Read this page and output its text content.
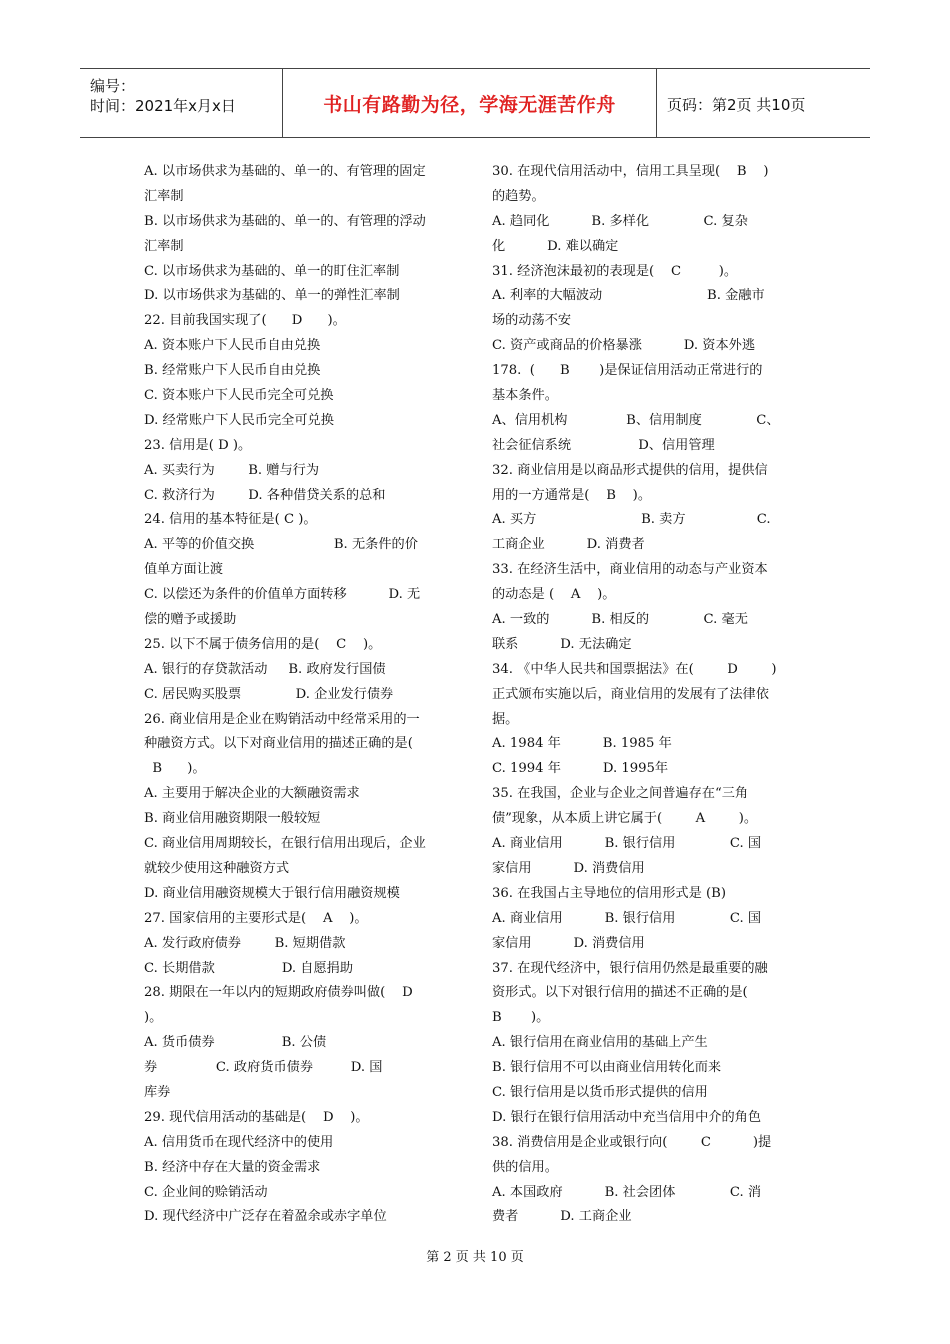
编号：
时间：2021年x月x日	书山有路勤为径，学海无涯苦作舟	页码：第2页 共10页
A. 以市场供求为基础的、单一的、有管理的固定
汇率制
B. 以市场供求为基础的、单一的、有管理的浮动
汇率制
C. 以市场供求为基础的、单一的盯住汇率制
D. 以市场供求为基础的、单一的弹性汇率制
22. 目前我国实现了(      D      )。
A. 资本账户下人民币自由兑换
B. 经常账户下人民币自由兑换
C. 资本账户下人民币完全可兑换
D. 经常账户下人民币完全可兑换
23. 信用是( D )。
A. 买卖行为        B. 赠与行为
C. 救济行为        D. 各种借贷关系的总和
24. 信用的基本特征是( C )。
A. 平等的价值交换                   B. 无条件的价
值单方面让渡
C. 以偿还为条件的价值单方面转移          D. 无
偿的赠予或援助
25. 以下不属于债务信用的是(    C    )。
A. 银行的存贷款活动     B. 政府发行国债
C. 居民购买股票             D. 企业发行债券
26. 商业信用是企业在购销活动中经常采用的一
种融资方式。以下对商业信用的描述正确的是(
B      )。
A. 主要用于解决企业的大额融资需求
B. 商业信用融资期限一般较短
C. 商业信用周期较长，在银行信用出现后，企业
就较少使用这种融资方式
D. 商业信用融资规模大于银行信用融资规模
27. 国家信用的主要形式是(    A    )。
A. 发行政府债券        B. 短期借款
C. 长期借款                D. 自愿捐助
28. 期限在一年以内的短期政府债券叫做(    D
)。
A. 货币债券                B. 公债
券              C. 政府货币债券         D. 国
库券
29. 现代信用活动的基础是(    D    )。
A. 信用货币在现代经济中的使用
B. 经济中存在大量的资金需求
C. 企业间的赊销活动
D. 现代经济中广泛存在着盈余或赤字单位
30. 在现代信用活动中，信用工具呈现(    B    )
的趋势。
A. 趋同化          B. 多样化             C. 复杂
化          D. 难以确定
31. 经济泡沫最初的表现是(    C         )。
A. 利率的大幅波动                         B. 金融市
场的动荡不安
C. 资产或商品的价格暴涨          D. 资本外逃
178.  (      B       )是保证信用活动正常进行的
基本条件。
A、信用机构              B、信用制度             C、
社会征信系统                D、信用管理
32. 商业信用是以商品形式提供的信用，提供信
用的一方通常是(    B    )。
A. 买方                         B. 卖方                 C.
工商企业          D. 消费者
33. 在经济生活中，商业信用的动态与产业资本
的动态是 (    A    )。
A. 一致的          B. 相反的             C. 毫无
联系          D. 无法确定
34. 《中华人民共和国票据法》在(        D        )
正式颁布实施以后，商业信用的发展有了法律依
据。
A. 1984 年          B. 1985 年
C. 1994 年          D. 1995年
35. 在我国，企业与企业之间普遍存在“三角
债”现象，从本质上讲它属于(        A        )。
A. 商业信用          B. 银行信用             C. 国
家信用          D. 消费信用
36. 在我国占主导地位的信用形式是 (B)
A. 商业信用          B. 银行信用             C. 国
家信用          D. 消费信用
37. 在现代经济中，银行信用仍然是最重要的融
资形式。以下对银行信用的描述不正确的是(
B       )。
A. 银行信用在商业信用的基础上产生
B. 银行信用不可以由商业信用转化而来
C. 银行信用是以货币形式提供的信用
D. 银行在银行信用活动中充当信用中介的角色
38. 消费信用是企业或银行向(        C          )提
供的信用。
A. 本国政府          B. 社会团体             C. 消
费者          D. 工商企业
第 2 页 共 10 页
